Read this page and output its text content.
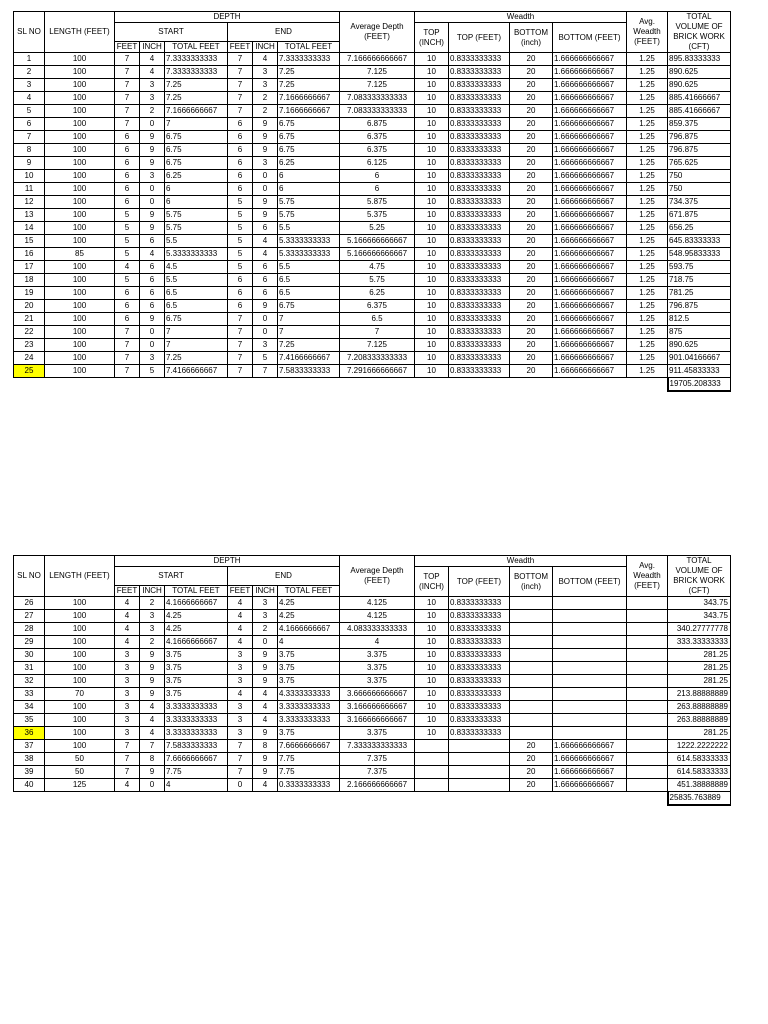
SL NO	LENGTH (FEET)	DEPTH						Average Depth (FEET)	Weadth				Avg. Weadth (FEET)	TOTAL VOLUME OF BRICK WORK (CFT)
		START			END				TOP (INCH)	TOP (FEET)	BOTTOM (inch)	BOTTOM (FEET)		
		FEET	INCH	TOTAL FEET	FEET	INCH	TOTAL FEET							
1	100	7	4	7.3333333333	7	4	7.3333333333	7.166666666667	10	0.8333333333	20	1.666666666667	1.25	895.83333333
2	100	7	4	7.3333333333	7	3	7.25	7.125	10	0.8333333333	20	1.666666666667	1.25	890.625
3	100	7	3	7.25	7	3	7.25	7.125	10	0.8333333333	20	1.666666666667	1.25	890.625
4	100	7	3	7.25	7	2	7.1666666667	7.083333333333	10	0.8333333333	20	1.666666666667	1.25	885.41666667
5	100	7	2	7.1666666667	7	2	7.1666666667	7.083333333333	10	0.8333333333	20	1.666666666667	1.25	885.41666667
6	100	7	0	7	6	9	6.75	6.875	10	0.8333333333	20	1.666666666667	1.25	859.375
7	100	6	9	6.75	6	9	6.75	6.375	10	0.8333333333	20	1.666666666667	1.25	796.875
8	100	6	9	6.75	6	9	6.75	6.375	10	0.8333333333	20	1.666666666667	1.25	796.875
9	100	6	9	6.75	6	3	6.25	6.125	10	0.8333333333	20	1.666666666667	1.25	765.625
10	100	6	3	6.25	6	0	6	6	10	0.8333333333	20	1.666666666667	1.25	750
11	100	6	0	6	6	0	6	6	10	0.8333333333	20	1.666666666667	1.25	750
12	100	6	0	6	5	9	5.75	5.875	10	0.8333333333	20	1.666666666667	1.25	734.375
13	100	5	9	5.75	5	9	5.75	5.375	10	0.8333333333	20	1.666666666667	1.25	671.875
14	100	5	9	5.75	5	6	5.5	5.25	10	0.8333333333	20	1.666666666667	1.25	656.25
15	100	5	6	5.5	5	4	5.3333333333	5.166666666667	10	0.8333333333	20	1.666666666667	1.25	645.83333333
16	85	5	4	5.3333333333	5	4	5.3333333333	5.166666666667	10	0.8333333333	20	1.666666666667	1.25	548.95833333
17	100	4	6	4.5	5	6	5.5	4.75	10	0.8333333333	20	1.666666666667	1.25	593.75
18	100	5	6	5.5	6	6	6.5	5.75	10	0.8333333333	20	1.666666666667	1.25	718.75
19	100	6	6	6.5	6	6	6.5	6.25	10	0.8333333333	20	1.666666666667	1.25	781.25
20	100	6	6	6.5	6	9	6.75	6.375	10	0.8333333333	20	1.666666666667	1.25	796.875
21	100	6	9	6.75	7	0	7	6.5	10	0.8333333333	20	1.666666666667	1.25	812.5
22	100	7	0	7	7	0	7	7	10	0.8333333333	20	1.666666666667	1.25	875
23	100	7	0	7	7	3	7.25	7.125	10	0.8333333333	20	1.666666666667	1.25	890.625
24	100	7	3	7.25	7	5	7.4166666667	7.208333333333	10	0.8333333333	20	1.666666666667	1.25	901.04166667
25	100	7	5	7.4166666667	7	7	7.5833333333	7.291666666667	10	0.8333333333	20	1.666666666667	1.25	911.45833333
														19705.208333
SL NO	LENGTH (FEET)	DEPTH						Average Depth (FEET)	Weadth				Avg. Weadth (FEET)	TOTAL VOLUME OF BRICK WORK (CFT)
		START			END				TOP (INCH)	TOP (FEET)	BOTTOM (inch)	BOTTOM (FEET)		
		FEET	INCH	TOTAL FEET	FEET	INCH	TOTAL FEET							
26	100	4	2	4.1666666667	4	3	4.25	4.125	10	0.8333333333				343.75
27	100	4	3	4.25	4	3	4.25	4.125	10	0.8333333333				343.75
28	100	4	3	4.25	4	2	4.1666666667	4.083333333333	10	0.8333333333				340.27777778
29	100	4	2	4.1666666667	4	0	4	4	10	0.8333333333				333.33333333
30	100	3	9	3.75	3	9	3.75	3.375	10	0.8333333333				281.25
31	100	3	9	3.75	3	9	3.75	3.375	10	0.8333333333				281.25
32	100	3	9	3.75	3	9	3.75	3.375	10	0.8333333333				281.25
33	70	3	9	3.75	4	4	4.3333333333	3.666666666667	10	0.8333333333				213.88888889
34	100	3	4	3.3333333333	3	4	3.3333333333	3.166666666667	10	0.8333333333				263.88888889
35	100	3	4	3.3333333333	3	4	3.3333333333	3.166666666667	10	0.8333333333				263.88888889
36	100	3	4	3.3333333333	3	9	3.75	3.375	10	0.8333333333				281.25
37	100	7	7	7.5833333333	7	8	7.6666666667	7.333333333333			20	1.666666666667		1222.2222222
38	50	7	8	7.6666666667	7	9	7.75	7.375			20	1.666666666667		614.58333333
39	50	7	9	7.75	7	9	7.75	7.375			20	1.666666666667		614.58333333
40	125	4	0	4	0	4	0.3333333333	2.166666666667			20	1.666666666667		451.38888889
														25835.763889
